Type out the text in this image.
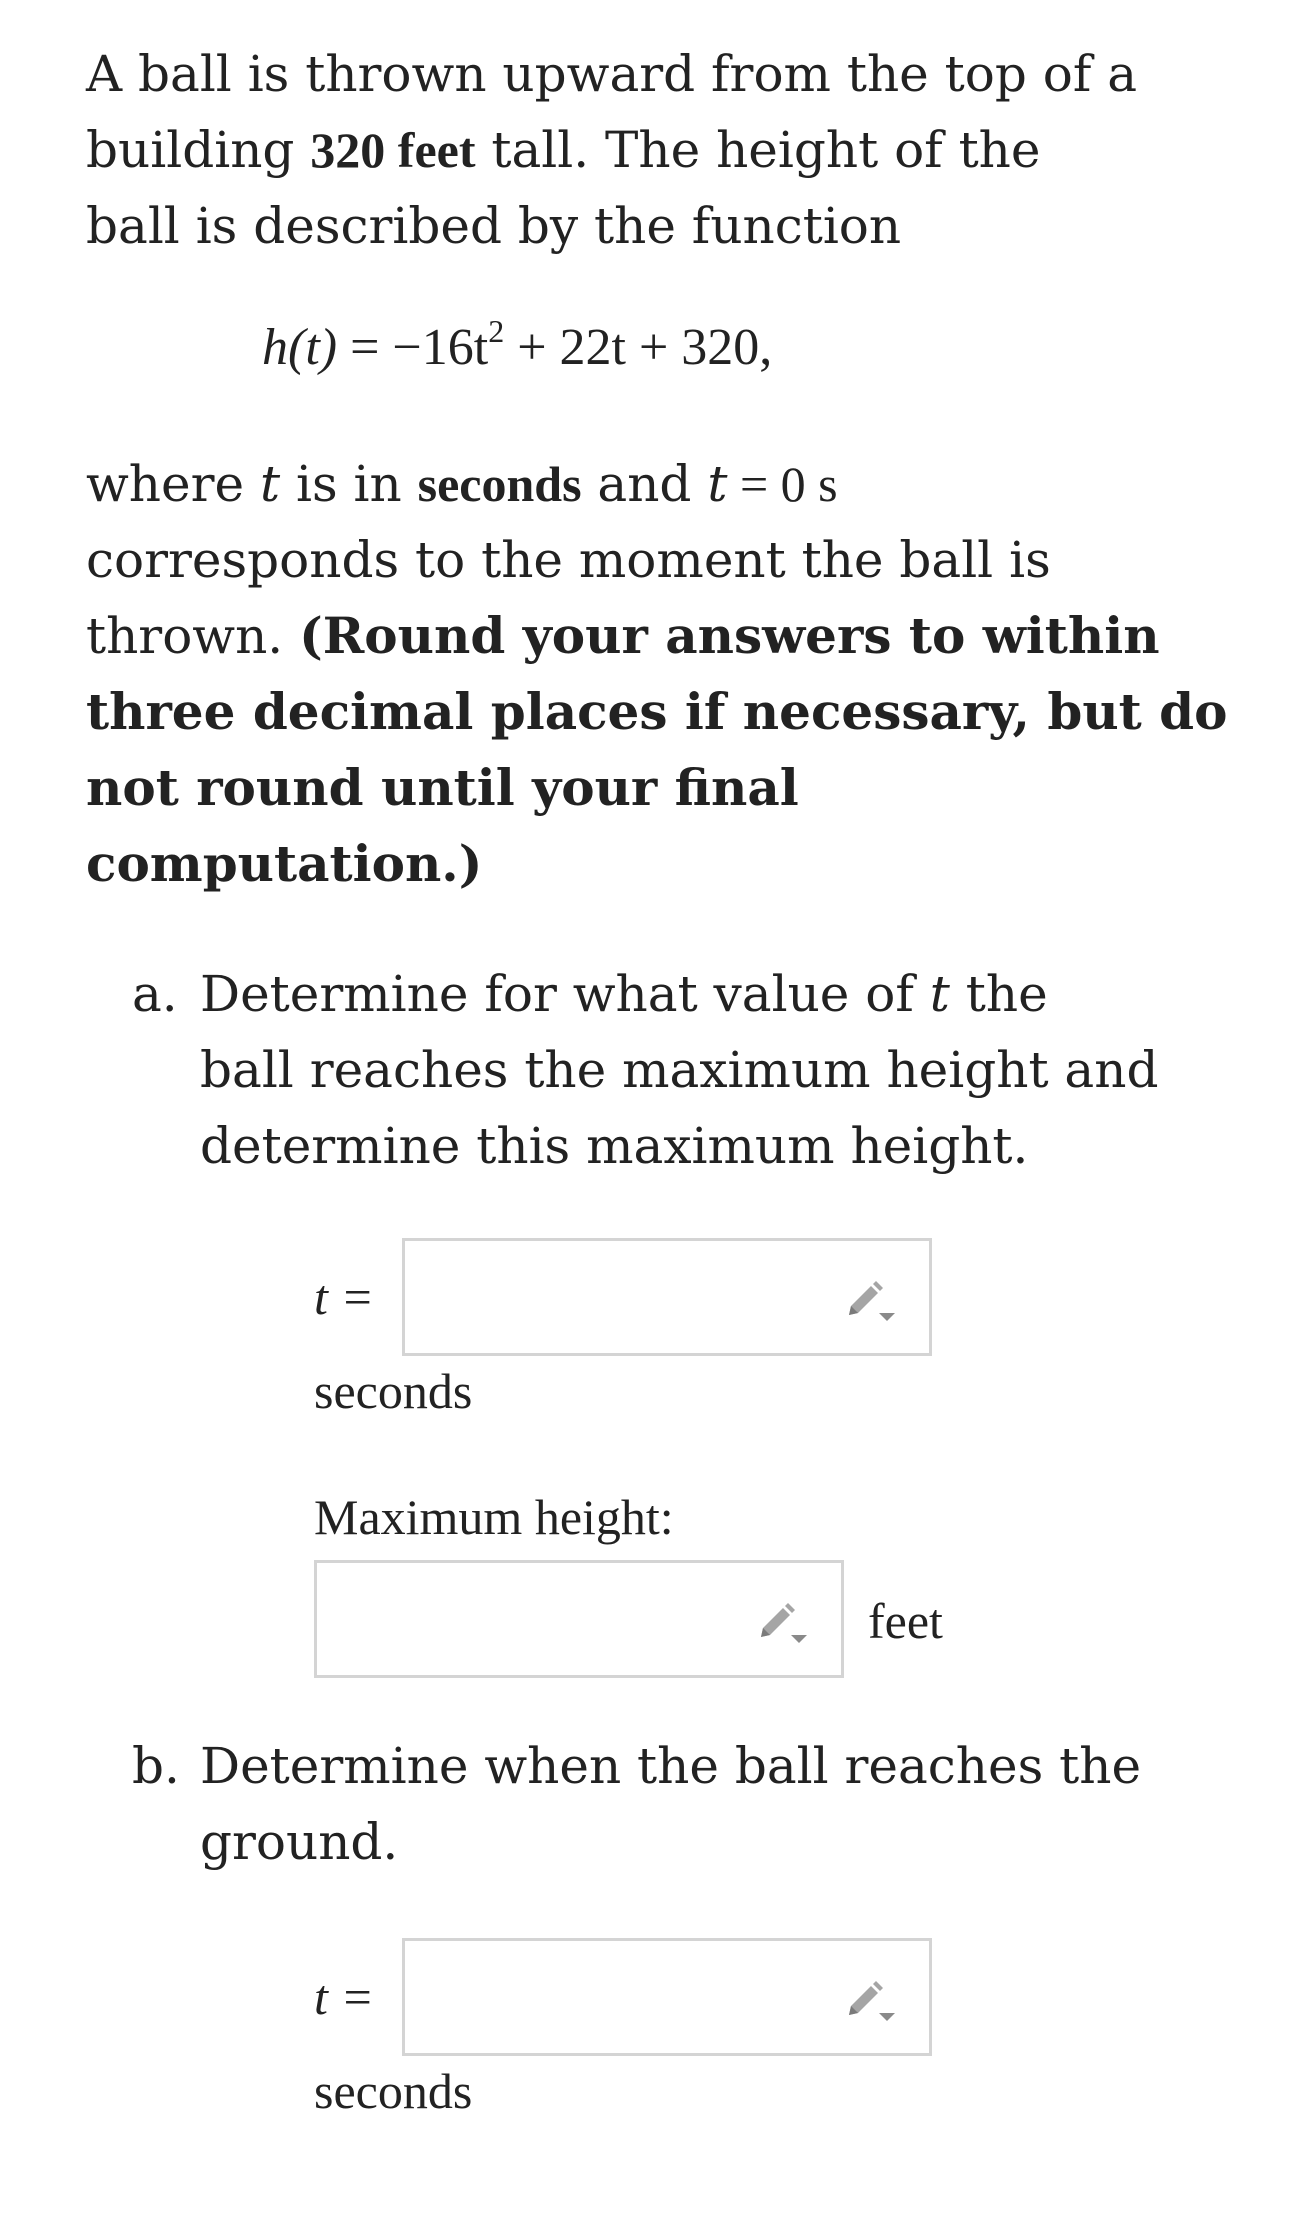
A ball is thrown upward from the top of a
building 320 feet tall. The height of the
ball is described by the function
$h(t) = -16t^2 + 22t + 320$,
where t is in seconds and t = 0 s
corresponds to the moment the ball is
thrown. (Round your answers to within
three decimal places if necessary, but do
not round until your final
computation.)
a. Determine for what value of t the
ball reaches the maximum height and
determine this maximum height.
t =
seconds
Maximum height:
feet
b. Determine when the ball reaches the
ground.
t =
seconds
